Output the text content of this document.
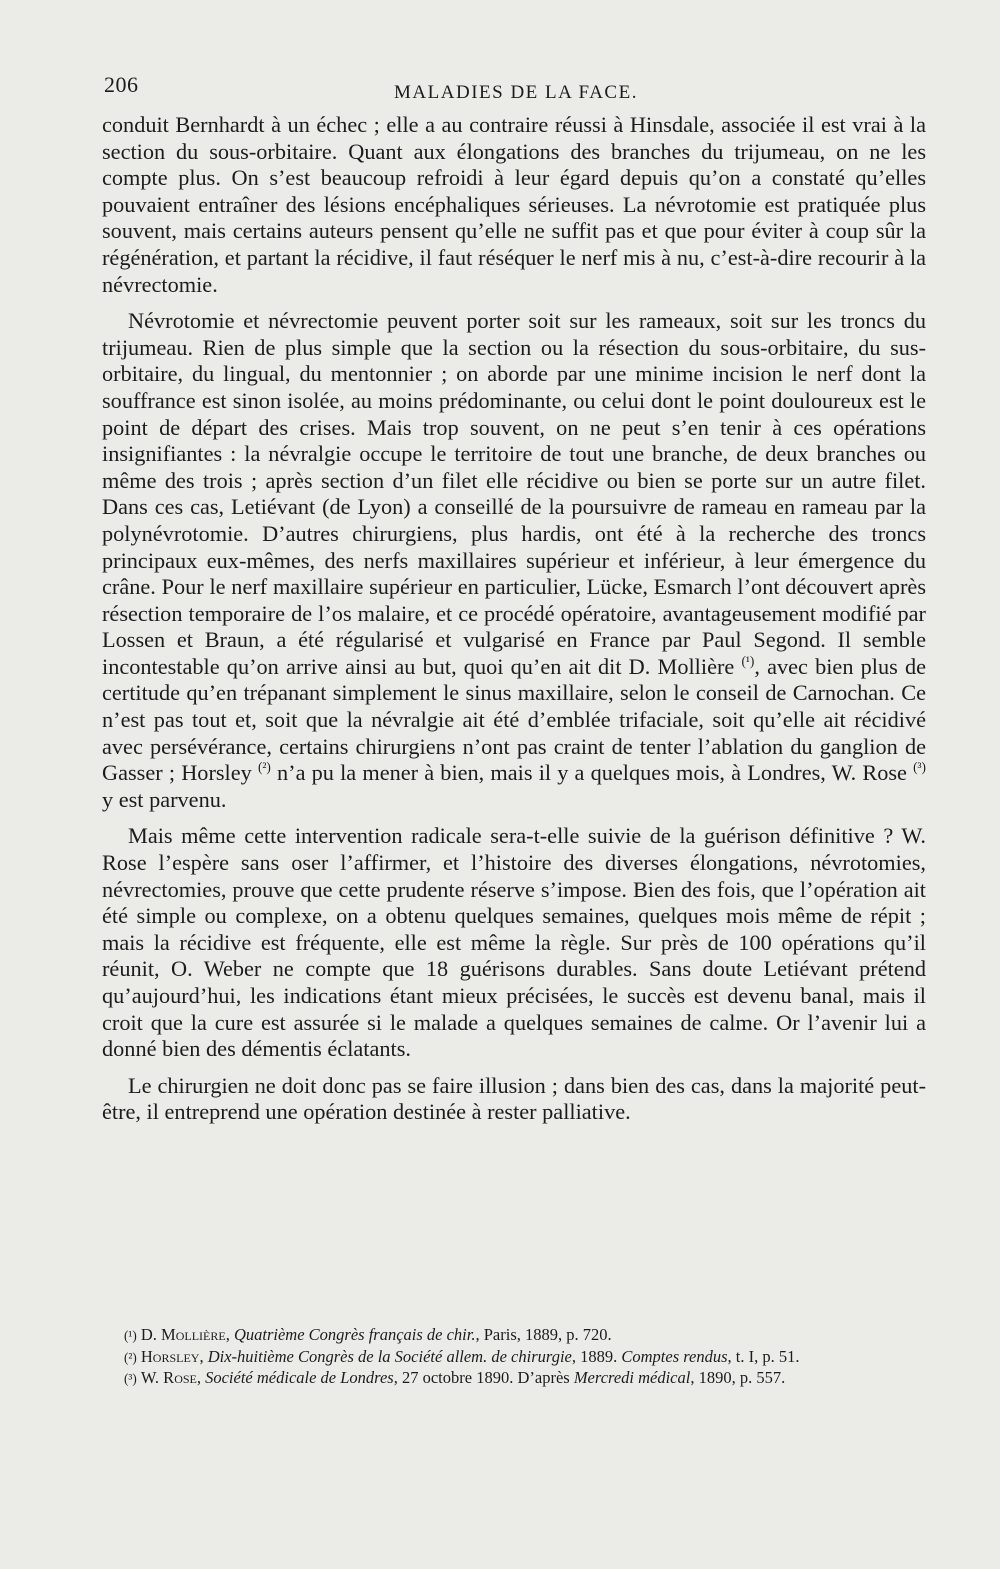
206	MALADIES DE LA FACE.

conduit Bernhardt à un échec ; elle a au contraire réussi à Hinsdale, associée il est vrai à la section du sous-orbitaire. Quant aux élongations des branches du trijumeau, on ne les compte plus. On s’est beaucoup refroidi à leur égard depuis qu’on a constaté qu’elles pouvaient entraîner des lésions encéphaliques sérieuses. La névrotomie est pratiquée plus souvent, mais certains auteurs pensent qu’elle ne suffit pas et que pour éviter à coup sûr la régénération, et partant la récidive, il faut réséquer le nerf mis à nu, c’est-à-dire recourir à la névrectomie.

Névrotomie et névrectomie peuvent porter soit sur les rameaux, soit sur les troncs du trijumeau. Rien de plus simple que la section ou la résection du sous-orbitaire, du sus-orbitaire, du lingual, du mentonnier ; on aborde par une minime incision le nerf dont la souffrance est sinon isolée, au moins prédominante, ou celui dont le point douloureux est le point de départ des crises. Mais trop souvent, on ne peut s’en tenir à ces opérations insignifiantes : la névralgie occupe le territoire de tout une branche, de deux branches ou même des trois ; après section d’un filet elle récidive ou bien se porte sur un autre filet. Dans ces cas, Letiévant (de Lyon) a conseillé de la poursuivre de rameau en rameau par la polynévrotomie. D’autres chirurgiens, plus hardis, ont été à la recherche des troncs principaux eux-mêmes, des nerfs maxillaires supérieur et inférieur, à leur émergence du crâne. Pour le nerf maxillaire supérieur en particulier, Lücke, Esmarch l’ont découvert après résection temporaire de l’os malaire, et ce procédé opératoire, avantageusement modifié par Lossen et Braun, a été régularisé et vulgarisé en France par Paul Segond. Il semble incontestable qu’on arrive ainsi au but, quoi qu’en ait dit D. Mollière $^{(^1)}$, avec bien plus de certitude qu’en trépanant simplement le sinus maxillaire, selon le conseil de Carnochan. Ce n’est pas tout et, soit que la névralgie ait été d’emblée trifaciale, soit qu’elle ait récidivé avec persévérance, certains chirurgiens n’ont pas craint de tenter l’ablation du ganglion de Gasser ; Horsley $^{(^2)}$ n’a pu la mener à bien, mais il y a quelques mois, à Londres, W. Rose $^{(^3)}$ y est parvenu.

Mais même cette intervention radicale sera-t-elle suivie de la guérison définitive ? W. Rose l’espère sans oser l’affirmer, et l’histoire des diverses élongations, névrotomies, névrectomies, prouve que cette prudente réserve s’impose. Bien des fois, que l’opération ait été simple ou complexe, on a obtenu quelques semaines, quelques mois même de répit ; mais la récidive est fréquente, elle est même la règle. Sur près de 100 opérations qu’il réunit, O. Weber ne compte que 18 guérisons durables. Sans doute Letiévant prétend qu’aujourd’hui, les indications étant mieux précisées, le succès est devenu banal, mais il croit que la cure est assurée si le malade a quelques semaines de calme. Or l’avenir lui a donné bien des démentis éclatants.

Le chirurgien ne doit donc pas se faire illusion ; dans bien des cas, dans la majorité peut-être, il entreprend une opération destinée à rester palliative.

(¹) D. Mollière, Quatrième Congrès français de chir., Paris, 1889, p. 720.

(²) Horsley, Dix-huitième Congrès de la Société allem. de chirurgie, 1889. Comptes rendus, t. I, p. 51.

(³) W. Rose, Société médicale de Londres, 27 octobre 1890. D’après Mercredi médical, 1890, p. 557.
